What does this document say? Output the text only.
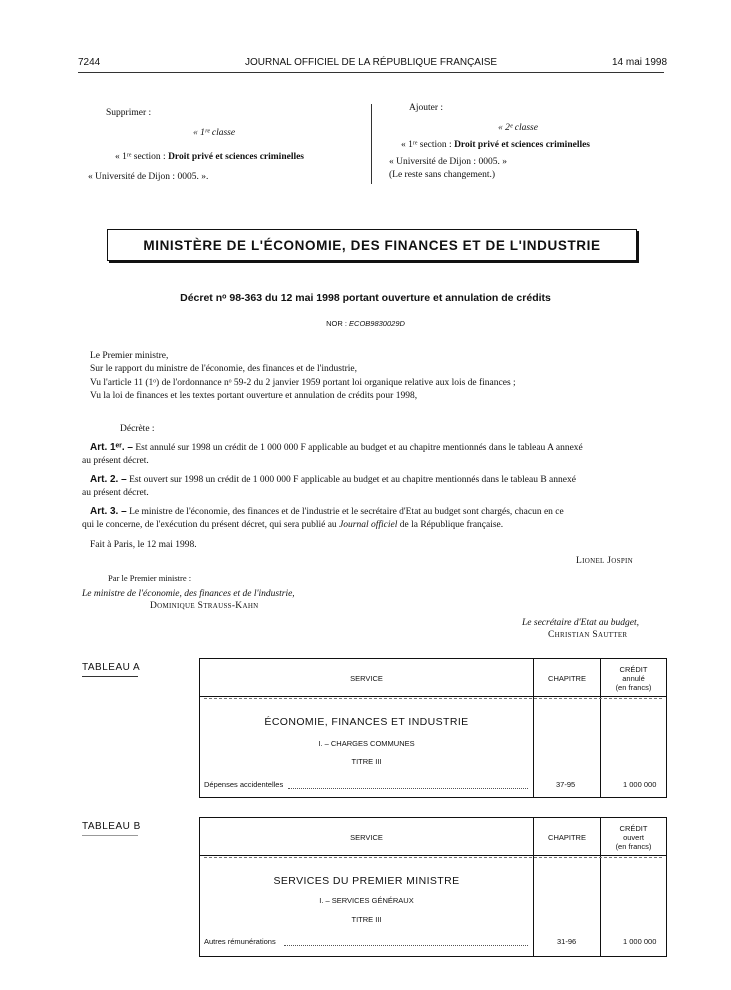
7244	JOURNAL OFFICIEL DE LA RÉPUBLIQUE FRANÇAISE	14 mai 1998
Supprimer :
« 1ʳᵉ classe
« 1ʳᵉ section : Droit privé et sciences criminelles
« Université de Dijon : 0005. ».
Ajouter :
« 2ᵉ classe
« 1ʳᵉ section : Droit privé et sciences criminelles
« Université de Dijon : 0005. »
(Le reste sans changement.)
MINISTÈRE DE L'ÉCONOMIE, DES FINANCES ET DE L'INDUSTRIE
Décret nᵒ 98-363 du 12 mai 1998 portant ouverture et annulation de crédits
NOR : ECOB9830029D
Le Premier ministre,
Sur le rapport du ministre de l'économie, des finances et de l'industrie,
Vu l'article 11 (1ᵒ) de l'ordonnance nᵒ 59-2 du 2 janvier 1959 portant loi organique relative aux lois de finances ;
Vu la loi de finances et les textes portant ouverture et annulation de crédits pour 1998,
Décrète :
Art. 1ᵉʳ. – Est annulé sur 1998 un crédit de 1 000 000 F applicable au budget et au chapitre mentionnés dans le tableau A annexé
au présent décret.
Art. 2. – Est ouvert sur 1998 un crédit de 1 000 000 F applicable au budget et au chapitre mentionnés dans le tableau B annexé
au présent décret.
Art. 3. – Le ministre de l'économie, des finances et de l'industrie et le secrétaire d'Etat au budget sont chargés, chacun en ce
qui le concerne, de l'exécution du présent décret, qui sera publié au Journal officiel de la République française.
Fait à Paris, le 12 mai 1998.
Lionel Jospin
Par le Premier ministre :
Le ministre de l'économie, des finances et de l'industrie,
Dominique Strauss-Kahn
Le secrétaire d'Etat au budget,
Christian Sautter
TABLEAU A
SERVICE	CHAPITRE
CRÉDIT
annulé
(en francs)
ÉCONOMIE, FINANCES ET INDUSTRIE
I. – CHARGES COMMUNES
TITRE III
Dépenses accidentelles	37-95	1 000 000
TABLEAU B
SERVICE	CHAPITRE
CRÉDIT
ouvert
(en francs)
SERVICES DU PREMIER MINISTRE
I. – SERVICES GÉNÉRAUX
TITRE III
Autres rémunérations	31-96	1 000 000
